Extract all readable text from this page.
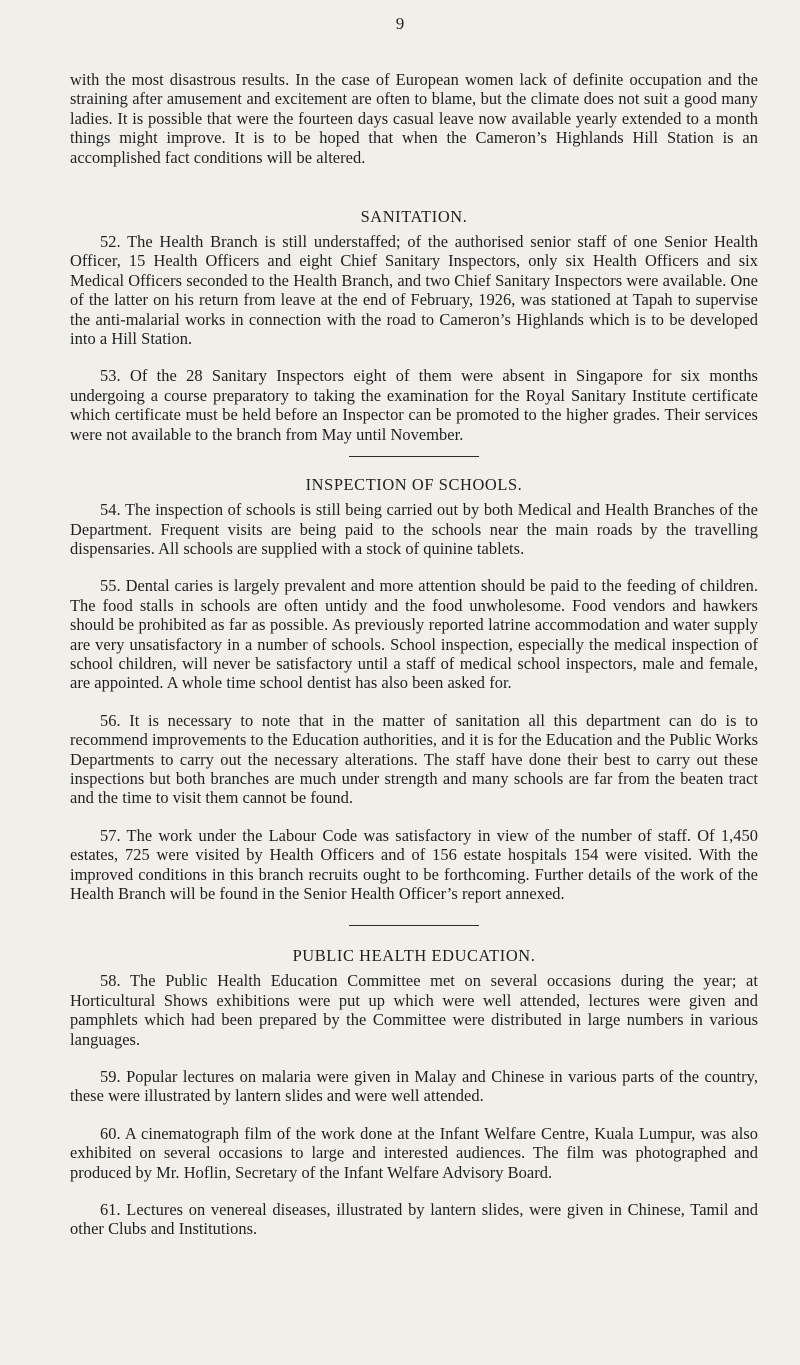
9

with the most disastrous results. In the case of European women lack of definite occupation and the straining after amusement and excitement are often to blame, but the climate does not suit a good many ladies. It is possible that were the fourteen days casual leave now available yearly extended to a month things might improve. It is to be hoped that when the Cameron’s Highlands Hill Station is an accomplished fact conditions will be altered.

SANITATION.

52. The Health Branch is still understaffed; of the authorised senior staff of one Senior Health Officer, 15 Health Officers and eight Chief Sanitary Inspectors, only six Health Officers and six Medical Officers seconded to the Health Branch, and two Chief Sanitary Inspectors were available. One of the latter on his return from leave at the end of February, 1926, was stationed at Tapah to supervise the anti-malarial works in connection with the road to Cameron’s Highlands which is to be developed into a Hill Station.

53. Of the 28 Sanitary Inspectors eight of them were absent in Singapore for six months undergoing a course preparatory to taking the examination for the Royal Sanitary Institute certificate which certificate must be held before an Inspector can be promoted to the higher grades. Their services were not available to the branch from May until November.

INSPECTION OF SCHOOLS.

54. The inspection of schools is still being carried out by both Medical and Health Branches of the Department. Frequent visits are being paid to the schools near the main roads by the travelling dispensaries. All schools are supplied with a stock of quinine tablets.

55. Dental caries is largely prevalent and more attention should be paid to the feeding of children. The food stalls in schools are often untidy and the food unwholesome. Food vendors and hawkers should be prohibited as far as possible. As previously reported latrine accommodation and water supply are very unsatisfactory in a number of schools. School inspection, especially the medical inspection of school children, will never be satisfactory until a staff of medical school inspectors, male and female, are appointed. A whole time school dentist has also been asked for.

56. It is necessary to note that in the matter of sanitation all this department can do is to recommend improvements to the Education authorities, and it is for the Education and the Public Works Departments to carry out the necessary alterations. The staff have done their best to carry out these inspections but both branches are much under strength and many schools are far from the beaten tract and the time to visit them cannot be found.

57. The work under the Labour Code was satisfactory in view of the number of staff. Of 1,450 estates, 725 were visited by Health Officers and of 156 estate hospitals 154 were visited. With the improved conditions in this branch recruits ought to be forthcoming. Further details of the work of the Health Branch will be found in the Senior Health Officer’s report annexed.

PUBLIC HEALTH EDUCATION.

58. The Public Health Education Committee met on several occasions during the year; at Horticultural Shows exhibitions were put up which were well attended, lectures were given and pamphlets which had been prepared by the Committee were distributed in large numbers in various languages.

59. Popular lectures on malaria were given in Malay and Chinese in various parts of the country, these were illustrated by lantern slides and were well attended.

60. A cinematograph film of the work done at the Infant Welfare Centre, Kuala Lumpur, was also exhibited on several occasions to large and interested audiences. The film was photographed and produced by Mr. Hoflin, Secretary of the Infant Welfare Advisory Board.

61. Lectures on venereal diseases, illustrated by lantern slides, were given in Chinese, Tamil and other Clubs and Institutions.
